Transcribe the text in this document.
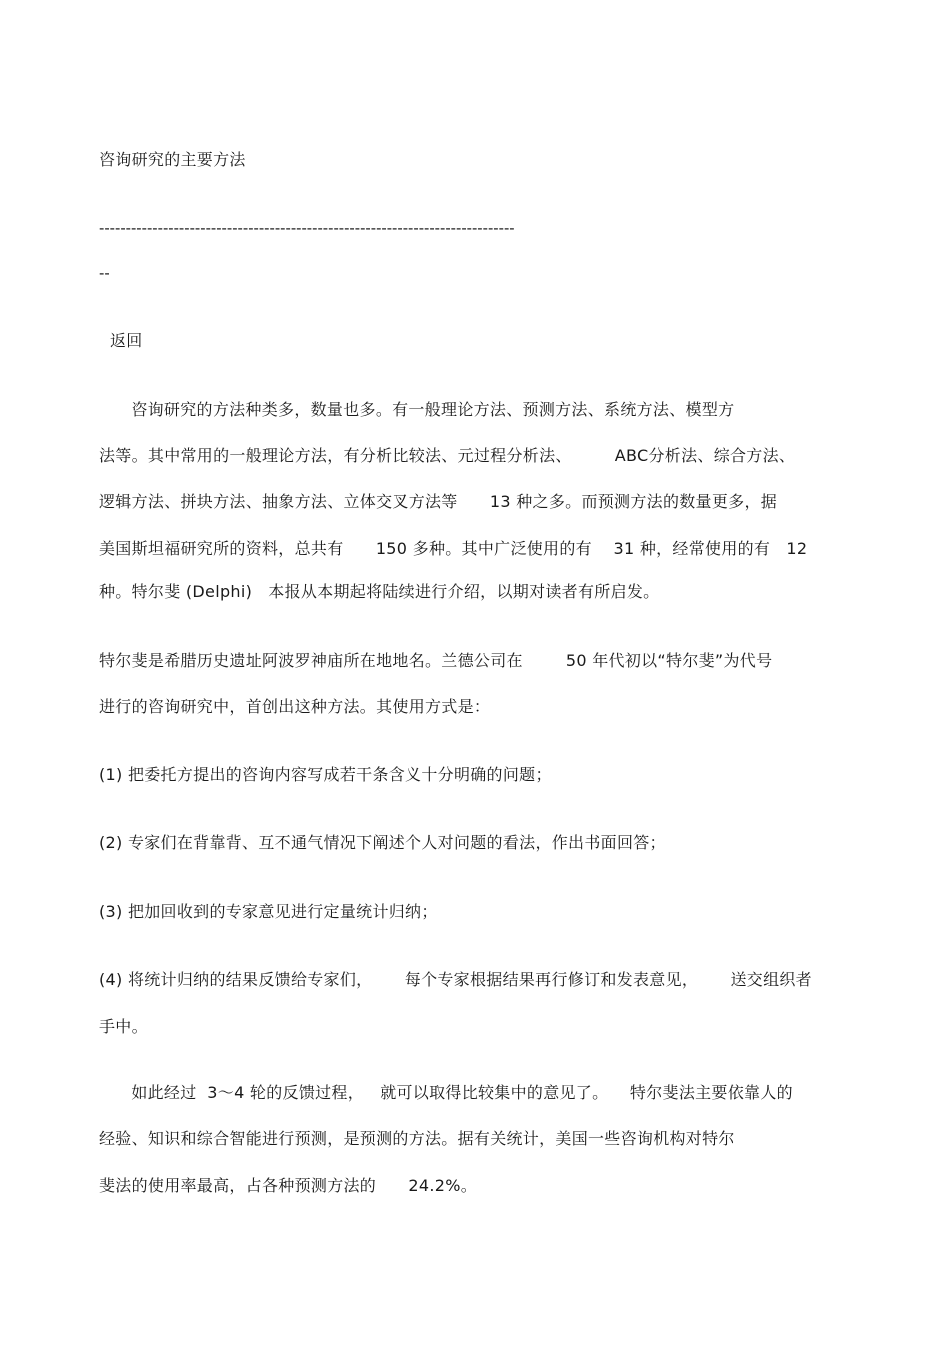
咨询研究的主要方法
------------------------------------------------------------------------------
--
返回
咨询研究的方法种类多，数量也多。有一般理论方法、预测方法、系统方法、模型方
法等。其中常用的一般理论方法，有分析比较法、元过程分析法、        ABC分析法、综合方法、
逻辑方法、拼块方法、抽象方法、立体交叉方法等      13 种之多。而预测方法的数量更多，据
美国斯坦福研究所的资料，总共有      150 多种。其中广泛使用的有    31 种，经常使用的有   12
种。特尔斐 (Delphi)   本报从本期起将陆续进行介绍，以期对读者有所启发。
特尔斐是希腊历史遗址阿波罗神庙所在地地名。兰德公司在        50 年代初以“特尔斐”为代号
进行的咨询研究中，首创出这种方法。其使用方式是：
(1) 把委托方提出的咨询内容写成若干条含义十分明确的问题；
(2) 专家们在背靠背、互不通气情况下阐述个人对问题的看法，作出书面回答；
(3) 把加回收到的专家意见进行定量统计归纳；
(4) 将统计归纳的结果反馈给专家们，      每个专家根据结果再行修订和发表意见，      送交组织者
手中。
如此经过  3～4 轮的反馈过程，   就可以取得比较集中的意见了。    特尔斐法主要依靠人的
经验、知识和综合智能进行预测，是预测的方法。据有关统计，美国一些咨询机构对特尔
斐法的使用率最高，占各种预测方法的      24.2%。
